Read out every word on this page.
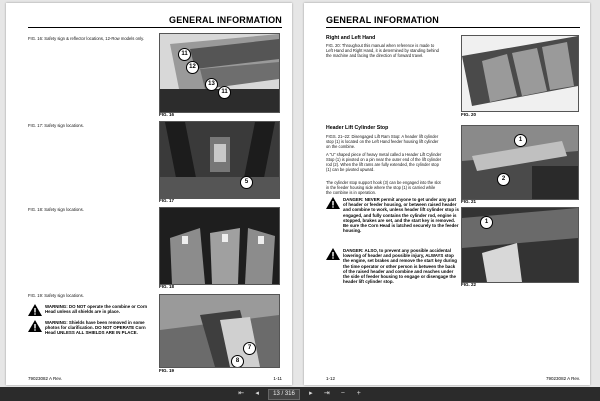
GENERAL INFORMATION
FIG. 16: Safety sign & reflector locations, 12-Row models only.
11
12
13
11
FIG. 16
FIG. 17: Safety sign locations.
5
FIG. 17
FIG. 18: Safety sign locations.
FIG. 18
FIG. 19: Safety sign locations.
7
8
FIG. 19
WARNING: DO NOT operate the combine or Corn Head unless all shields are in place.
WARNING: Shields have been removed in some photos for clarification. DO NOT OPERATE Corn Head UNLESS ALL SHIELDS ARE IN PLACE.
79023082 A Rev.	1-11
GENERAL INFORMATION
Right and Left Hand
FIG. 20: Throughout this manual when reference is made to Left Hand and Right Hand, it is determined by standing behind the machine and facing the direction of forward travel.
FIG. 20
Header Lift Cylinder Stop
FIGS. 21–22: Disengaged Lift Ram Stop: A header lift cylinder stop (1) is located on the Left Hand feeder housing lift cylinder on the combine.
A "U" shaped piece of heavy metal called a Header Lift Cylinder Stop (1) is pivoted on a pin near the outer end of the lift cylinder rod (2). When the lift rams are fully extended, the cylinder stop (1) can be pivoted upward.
The cylinder stop support hook (3) can be engaged into the slot in the feeder housing side where the stop (1) is carried while the combine is in operation.
DANGER: NEVER permit anyone to get under any part of header or feeder housing, or between raised header and combine to work, unless header lift cylinder stop is engaged, and fully contains the cylinder rod, engine is stopped, brakes are set, and the start key is removed. Be sure the Corn Head is latched securely to the feeder housing.
DANGER: ALSO, to prevent any possible accidental lowering of header and possible injury, ALWAYS stop the engine, set brakes and remove the start key during the time operator or other person is between the back of the raised header and combine and reaches under the side of feeder housing to engage or disengage the header lift cylinder stop.
1
2
FIG. 21
1
FIG. 22
1-12	79023082 A Rev.
⇤	◂	13 / 316	▸	⇥	−	+
